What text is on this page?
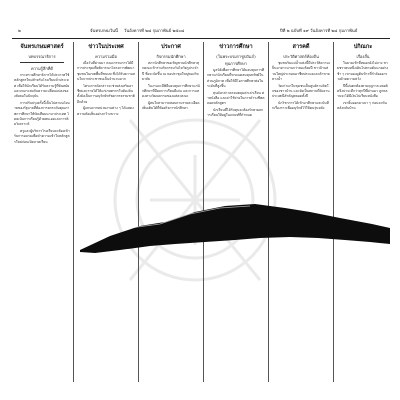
๒	จันทรเกษมวันนี้ วันอังคารที่ ๒๘ กุมภาพันธ์ ๒๕๐๘	ปีที่ ๒ ฉบับที่ ๑๙ วันอังคารที่ ๒๘ กุมภาพันธ์
จันทรเกษมศาสตร์
บทบรรณาธิการ
ความรู้สึกที่ดี

กระทรวงศึกษาธิการได้ประกาศใช้หลักสูตรใหม่สำหรับโรงเรียนทั่วประเทศ เพื่อให้นักเรียนได้รับความรู้ที่ทันสมัยและเหมาะสมกับความเปลี่ยนแปลงของสังคมในปัจจุบัน

การปรับปรุงครั้งนี้เป็นไปตามนโยบายของรัฐบาลที่ต้องการยกระดับคุณภาพการศึกษาให้ทัดเทียมนานาประเทศ โดยเน้นการเรียนรู้ด้วยตนเองและการคิดวิเคราะห์

ครูและผู้บริหารโรงเรียนจะต้องเข้ารับการอบรมเพื่อทำความเข้าใจหลักสูตรใหม่ก่อนเปิดภาคเรียน

ข่าวในประเทศ
ความร่วมมือ

เมื่อวันที่ผ่านมา คณะกรรมการได้มีการประชุมเพื่อพิจารณาโครงการพัฒนาชุมชนในเขตพื้นที่ชนบท ซึ่งได้รับความสนใจจากประชาชนเป็นจำนวนมาก

โครงการดังกล่าวจะช่วยส่งเสริมอาชีพและรายได้ให้แก่เกษตรกรในท้องถิ่น ทั้งยังเป็นการอนุรักษ์ทรัพยากรธรรมชาติอีกด้วย

ผู้แทนจากหน่วยงานต่าง ๆ ได้แสดงความคิดเห็นอย่างกว้างขวาง

ประกาศ
กิจกรรมนักศึกษา

สภานักศึกษาขอเชิญชวนนักศึกษาทุกคณะเข้าร่วมกิจกรรมวันไหว้ครูประจำปี ซึ่งจะจัดขึ้น ณ หอประชุมใหญ่ของวิทยาลัย

ในงานจะมีพิธีมอบทุนการศึกษาแก่นักศึกษาที่มีผลการเรียนดีเด่น และการแสดงทางวัฒนธรรมของแต่ละคณะ

ผู้สนใจสามารถสอบถามรายละเอียดเพิ่มเติมได้ที่ห้องกิจการนักศึกษา

ข่าวการศึกษา
(ในพระบรมราชูปถัมภ์)
ทุนการศึกษา

มูลนิธิเพื่อการศึกษาได้มอบทุนการศึกษาแก่นักเรียนที่ขาดแคลนทุนทรัพย์ในส่วนภูมิภาค เพื่อให้มีโอกาสศึกษาต่อในระดับที่สูงขึ้น

ทุนดังกล่าวครอบคลุมค่าเล่าเรียน ค่าหนังสือ และค่าใช้จ่ายในการดำรงชีพตลอดหลักสูตร

นักเรียนที่ได้รับทุนจะต้องรักษาผลการเรียนให้อยู่ในเกณฑ์ที่กำหนด

สารคดี
ประวัติศาสตร์ท้องถิ่น

ชุมชนริมแม่น้ำแห่งนี้มีประวัติความเป็นมายาวนานกว่าสองร้อยปี ชาวบ้านส่วนใหญ่ประกอบอาชีพประมงและค้าขายทางน้ำ

วัดเก่าแก่ในชุมชนเป็นศูนย์รวมจิตใจของชาวบ้าน และยังเป็นสถานที่จัดงานประเพณีสำคัญตลอดทั้งปี

นักวิชาการได้เข้ามาศึกษาและบันทึกเรื่องราวเพื่ออนุรักษ์ไว้ให้คนรุ่นหลัง

ปกิณกะ
เรื่องสั้น

ในยามเช้าที่หมอกยังไม่จาง ชายชราคนหนึ่งเดินไปตามคันนาอย่างช้า ๆ เขามองดูต้นข้าวที่กำลังออกรวงด้วยความหวัง

ปีนี้ฝนตกต้องตามฤดูกาล ผลผลิตจึงน่าจะดีกว่าทุกปีที่ผ่านมา ลูกหลานจะได้มีเงินไปเรียนหนังสือ

เขายิ้มออกมาเบา ๆ ก่อนจะหันหลังกลับบ้าน
